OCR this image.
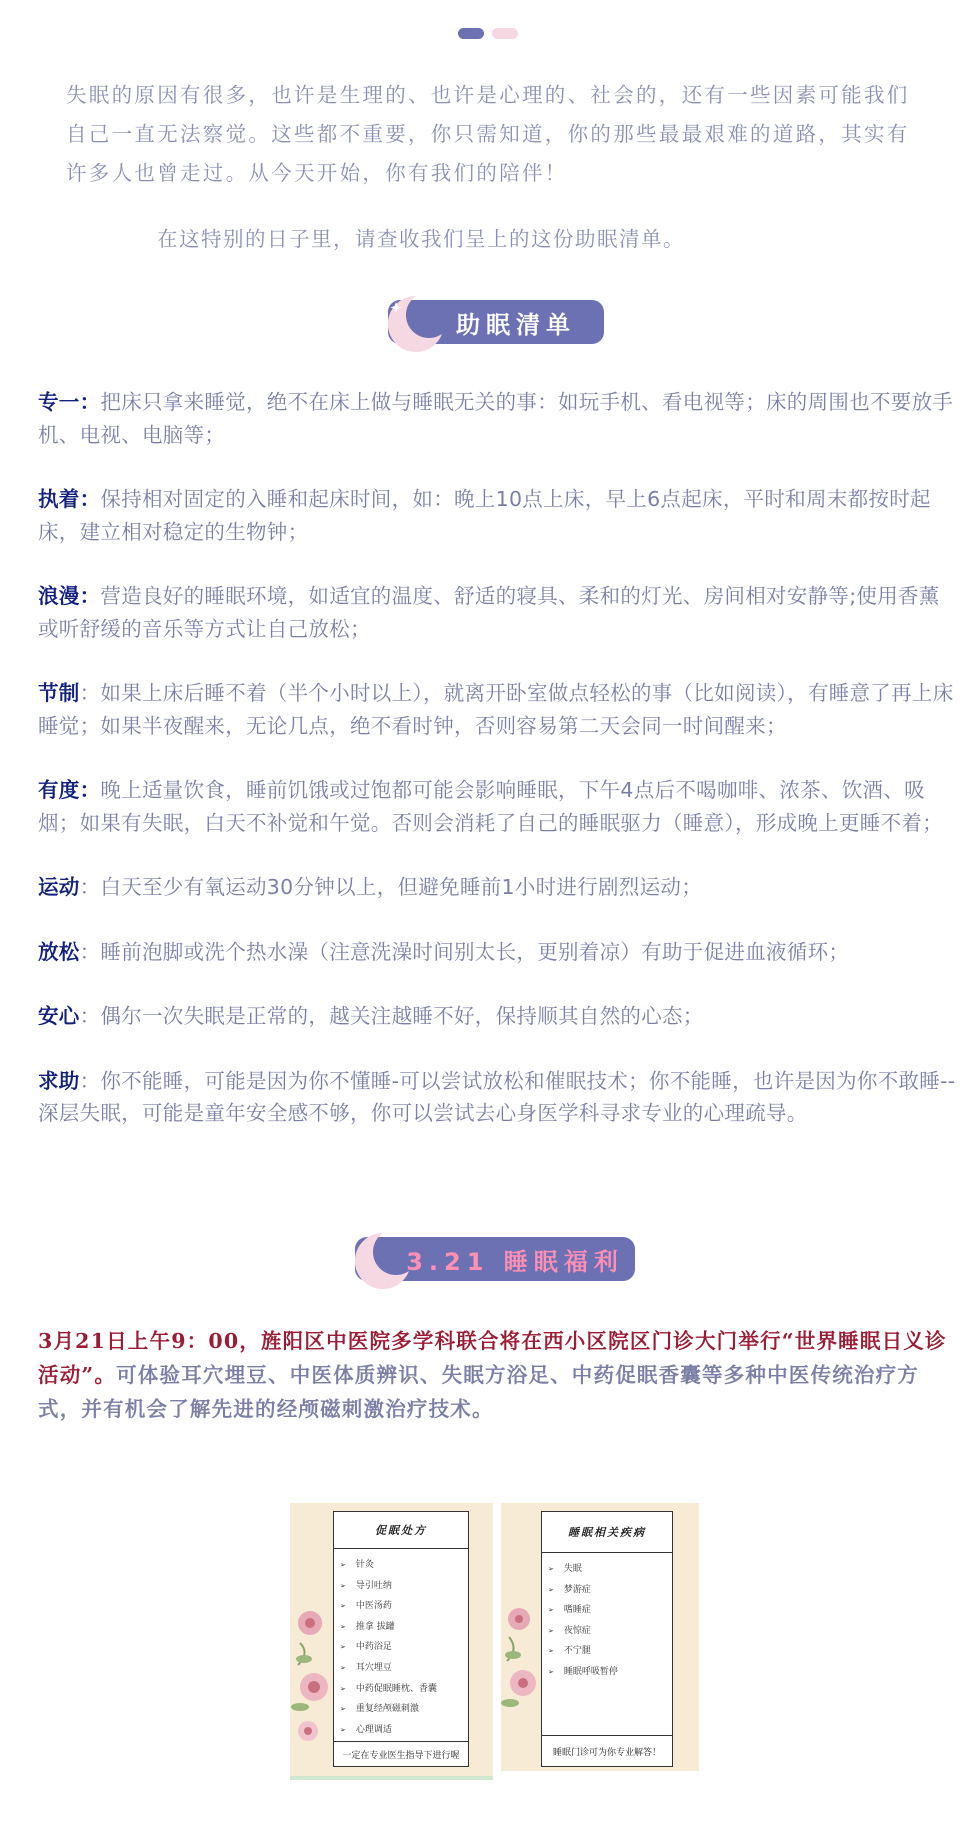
失眠的原因有很多，也许是生理的、也许是心理的、社会的，还有一些因素可能我们自己一直无法察觉。这些都不重要，你只需知道，你的那些最最艰难的道路，其实有许多人也曾走过。从今天开始，你有我们的陪伴！

在这特别的日子里，请查收我们呈上的这份助眠清单。

助眠清单
专一：把床只拿来睡觉，绝不在床上做与睡眠无关的事：如玩手机、看电视等；床的周围也不要放手机、电视、电脑等；
执着：保持相对固定的入睡和起床时间，如：晚上10点上床，早上6点起床，平时和周末都按时起床，建立相对稳定的生物钟；
浪漫：营造良好的睡眠环境，如适宜的温度、舒适的寝具、柔和的灯光、房间相对安静等;使用香薰或听舒缓的音乐等方式让自己放松；
节制：如果上床后睡不着（半个小时以上），就离开卧室做点轻松的事（比如阅读），有睡意了再上床睡觉；如果半夜醒来，无论几点，绝不看时钟，否则容易第二天会同一时间醒来；
有度：晚上适量饮食，睡前饥饿或过饱都可能会影响睡眠，下午4点后不喝咖啡、浓茶、饮酒、吸烟；如果有失眠，白天不补觉和午觉。否则会消耗了自己的睡眠驱力（睡意），形成晚上更睡不着；
运动：白天至少有氧运动30分钟以上，但避免睡前1小时进行剧烈运动；
放松：睡前泡脚或洗个热水澡（注意洗澡时间别太长，更别着凉）有助于促进血液循环；
安心：偶尔一次失眠是正常的，越关注越睡不好，保持顺其自然的心态；
求助：你不能睡，可能是因为你不懂睡-可以尝试放松和催眠技术；你不能睡，也许是因为你不敢睡--深层失眠，可能是童年安全感不够，你可以尝试去心身医学科寻求专业的心理疏导。
3.21 睡眠福利

3月21日上午9：00，旌阳区中医院多学科联合将在西小区院区门诊大门举行“世界睡眠日义诊活动”。可体验耳穴埋豆、中医体质辨识、失眠方浴足、中药促眠香囊等多种中医传统治疗方式，并有机会了解先进的经颅磁刺激治疗技术。

促眠处方
➢ 针灸
➢ 导引吐纳
➢ 中医汤药
➢ 推拿 拔罐
➢ 中药浴足
➢ 耳穴埋豆
➢ 中药促眠睡枕、香囊
➢ 重复经颅磁刺激
➢ 心理调适
一定在专业医生指导下进行喔
睡眠相关疾病
➢ 失眠
➢ 梦游症
➢ 嗜睡症
➢ 夜惊症
➢ 不宁腿
➢ 睡眠呼吸暂停
睡眠门诊可为你专业解答！
